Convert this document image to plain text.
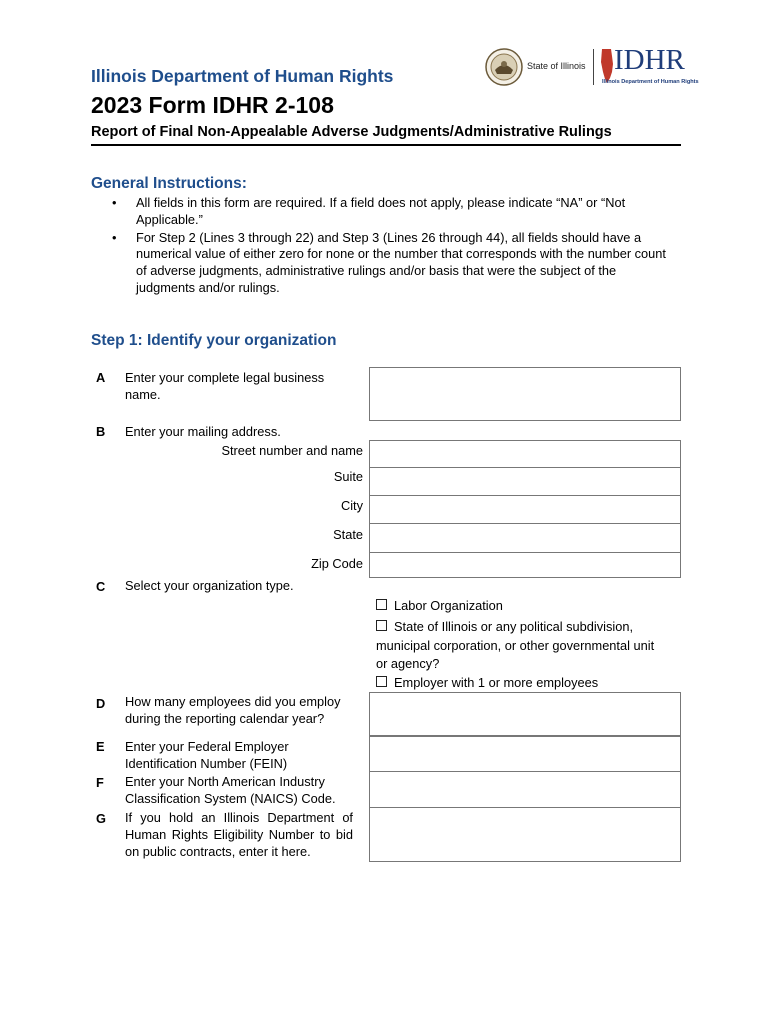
State of Illinois IDHR
Illinois Department of Human Rights
Illinois Department of Human Rights
2023 Form IDHR 2-108
Report of Final Non-Appealable Adverse Judgments/Administrative Rulings
General Instructions:
• All fields in this form are required. If a field does not apply, please indicate “NA” or “Not Applicable.”
• For Step 2 (Lines 3 through 22) and Step 3 (Lines 26 through 44), all fields should have a numerical value of either zero for none or the number that corresponds with the number count of adverse judgments, administrative rulings and/or basis that were the subject of the judgments and/or rulings.
Step 1: Identify your organization
A Enter your complete legal business name.
B Enter your mailing address.
Street number and name
Suite
City
State
Zip Code
C Select your organization type.
Labor Organization
State of Illinois or any political subdivision, municipal corporation, or other governmental unit or agency?
Employer with 1 or more employees
D How many employees did you employ during the reporting calendar year?
E Enter your Federal Employer Identification Number (FEIN)
F Enter your North American Industry Classification System (NAICS) Code.
G If you hold an Illinois Department of Human Rights Eligibility Number to bid on public contracts, enter it here.
